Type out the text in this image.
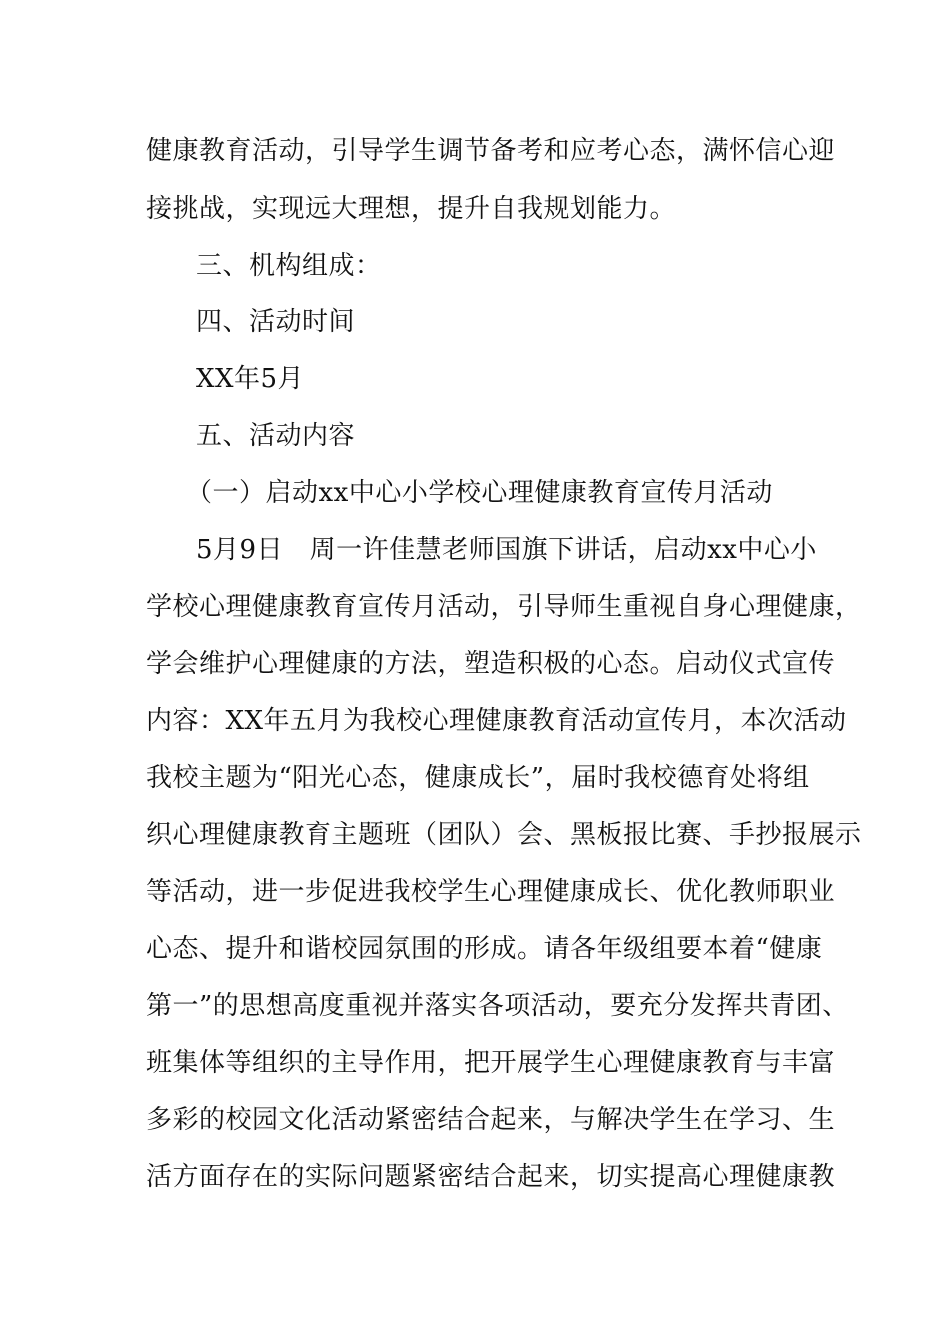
健康教育活动，引导学生调节备考和应考心态，满怀信心迎
接挑战，实现远大理想，提升自我规划能力。
三、机构组成：
四、活动时间
XX年5月
五、活动内容
（一）启动xx中心小学校心理健康教育宣传月活动
5月9日　周一许佳慧老师国旗下讲话，启动xx中心小
学校心理健康教育宣传月活动，引导师生重视自身心理健康，
学会维护心理健康的方法，塑造积极的心态。启动仪式宣传
内容：XX年五月为我校心理健康教育活动宣传月，本次活动
我校主题为“阳光心态，健康成长”，届时我校德育处将组
织心理健康教育主题班（团队）会、黑板报比赛、手抄报展示
等活动，进一步促进我校学生心理健康成长、优化教师职业
心态、提升和谐校园氛围的形成。请各年级组要本着“健康
第一”的思想高度重视并落实各项活动，要充分发挥共青团、
班集体等组织的主导作用，把开展学生心理健康教育与丰富
多彩的校园文化活动紧密结合起来，与解决学生在学习、生
活方面存在的实际问题紧密结合起来，切实提高心理健康教
